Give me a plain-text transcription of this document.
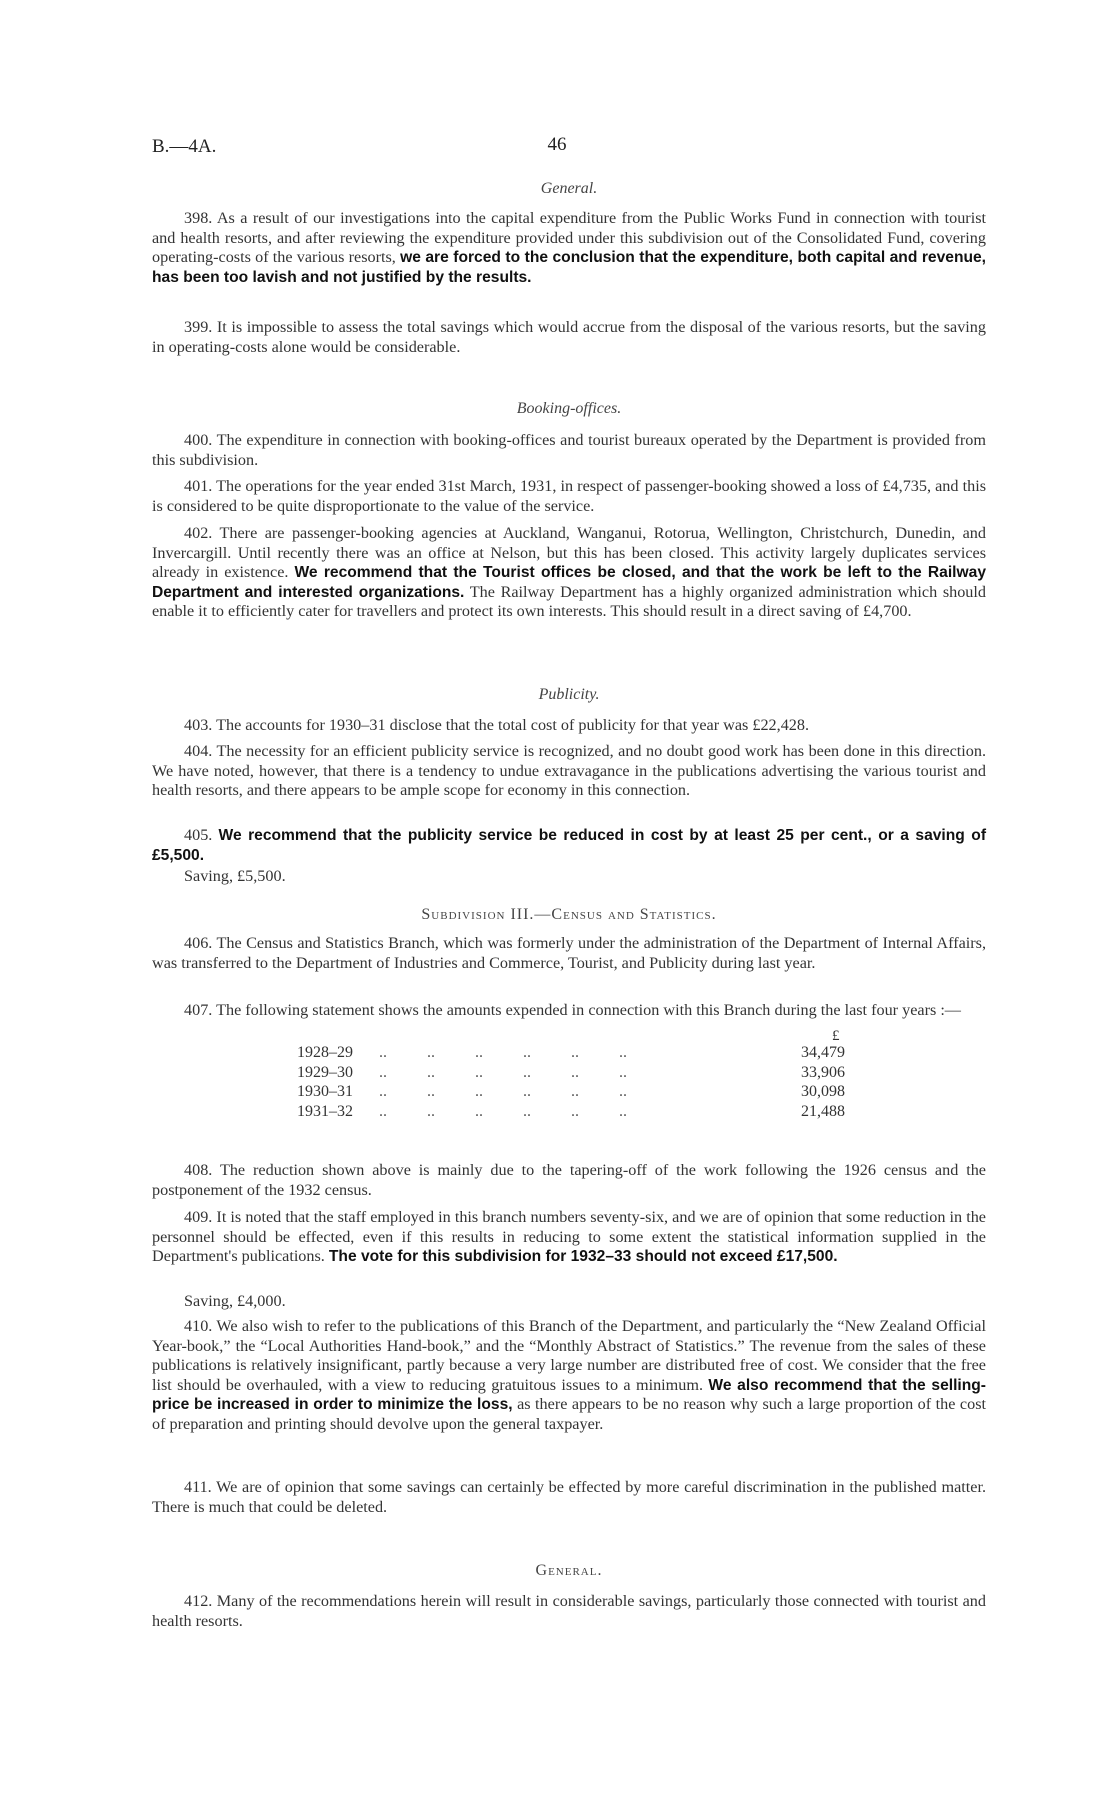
B.—4A.	46
General.
398. As a result of our investigations into the capital expenditure from the Public Works Fund in connection with tourist and health resorts, and after reviewing the expenditure provided under this subdivision out of the Consolidated Fund, covering operating-costs of the various resorts, we are forced to the conclusion that the expenditure, both capital and revenue, has been too lavish and not justified by the results.
399. It is impossible to assess the total savings which would accrue from the disposal of the various resorts, but the saving in operating-costs alone would be considerable.
Booking-offices.
400. The expenditure in connection with booking-offices and tourist bureaux operated by the Department is provided from this subdivision.
401. The operations for the year ended 31st March, 1931, in respect of passenger-booking showed a loss of £4,735, and this is considered to be quite disproportionate to the value of the service.
402. There are passenger-booking agencies at Auckland, Wanganui, Rotorua, Wellington, Christchurch, Dunedin, and Invercargill. Until recently there was an office at Nelson, but this has been closed. This activity largely duplicates services already in existence. We recommend that the Tourist offices be closed, and that the work be left to the Railway Department and interested organizations. The Railway Department has a highly organized administration which should enable it to efficiently cater for travellers and protect its own interests. This should result in a direct saving of £4,700.
Publicity.
403. The accounts for 1930–31 disclose that the total cost of publicity for that year was £22,428.
404. The necessity for an efficient publicity service is recognized, and no doubt good work has been done in this direction. We have noted, however, that there is a tendency to undue extravagance in the publications advertising the various tourist and health resorts, and there appears to be ample scope for economy in this connection.
405. We recommend that the publicity service be reduced in cost by at least 25 per cent., or a saving of £5,500.
Saving, £5,500.
Subdivision III.—Census and Statistics.
406. The Census and Statistics Branch, which was formerly under the administration of the Department of Internal Affairs, was transferred to the Department of Industries and Commerce, Tourist, and Publicity during last year.
407. The following statement shows the amounts expended in connection with this Branch during the last four years :—
£
1928–29 ..          ..          ..          ..          ..          ..	34,479
1929–30 ..          ..          ..          ..          ..          ..	33,906
1930–31 ..          ..          ..          ..          ..          ..	30,098
1931–32 ..          ..          ..          ..          ..          ..	21,488
408. The reduction shown above is mainly due to the tapering-off of the work following the 1926 census and the postponement of the 1932 census.
409. It is noted that the staff employed in this branch numbers seventy-six, and we are of opinion that some reduction in the personnel should be effected, even if this results in reducing to some extent the statistical information supplied in the Department's publications. The vote for this subdivision for 1932–33 should not exceed £17,500.
Saving, £4,000.
410. We also wish to refer to the publications of this Branch of the Department, and particularly the “New Zealand Official Year-book,” the “Local Authorities Hand-book,” and the “Monthly Abstract of Statistics.” The revenue from the sales of these publications is relatively insignificant, partly because a very large number are distributed free of cost. We consider that the free list should be overhauled, with a view to reducing gratuitous issues to a minimum. We also recommend that the selling-price be increased in order to minimize the loss, as there appears to be no reason why such a large proportion of the cost of preparation and printing should devolve upon the general taxpayer.
411. We are of opinion that some savings can certainly be effected by more careful discrimination in the published matter. There is much that could be deleted.
General.
412. Many of the recommendations herein will result in considerable savings, particularly those connected with tourist and health resorts.
